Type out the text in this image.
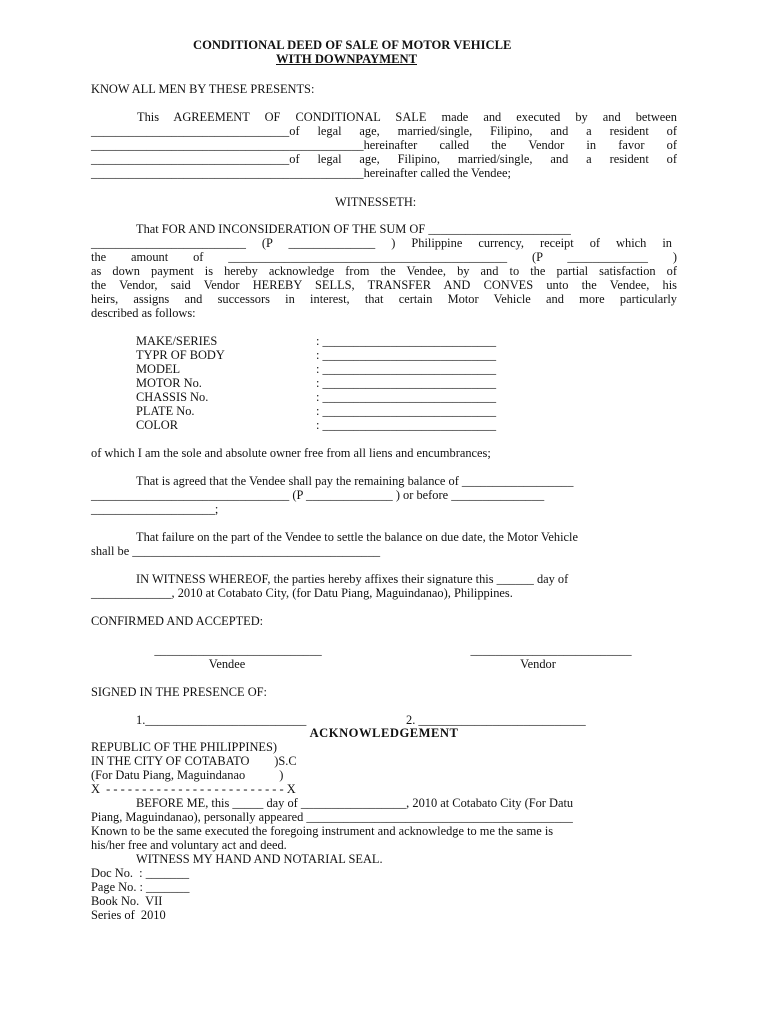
CONDITIONAL DEED OF SALE OF MOTOR VEHICLE
WITH DOWNPAYMENT
KNOW ALL MEN BY THESE PRESENTS:
This AGREEMENT OF CONDITIONAL SALE made and executed by and between
________________________________of legal age, married/single, Filipino, and a resident of
____________________________________________hereinafter called the Vendor in favor of
________________________________of legal age, Filipino, married/single, and a resident of
____________________________________________hereinafter called the Vendee;
WITNESSETH:
That FOR AND INCONSIDERATION OF THE SUM OF _______________________
_________________________ (P ______________ ) Philippine currency, receipt of which in
the amount of _____________________________________________ (P _____________ )
as down payment is hereby acknowledge from the Vendee, by and to the partial satisfaction of
the Vendor, said Vendor HEREBY SELLS, TRANSFER AND CONVES unto the Vendee, his
heirs, assigns and successors in interest, that certain Motor Vehicle and more particularly
described as follows:
MAKE/SERIES	: ____________________________
TYPR OF BODY	: ____________________________
MODEL	: ____________________________
MOTOR No.	: ____________________________
CHASSIS No.	: ____________________________
PLATE No.	: ____________________________
COLOR	: ____________________________
of which I am the sole and absolute owner free from all liens and encumbrances;
That is agreed that the Vendee shall pay the remaining balance of __________________
________________________________ (P ______________ ) or before _______________
____________________;
That failure on the part of the Vendee to settle the balance on due date, the Motor Vehicle
shall be ________________________________________
IN WITNESS WHEREOF, the parties hereby affixes their signature this ______ day of
_____________, 2010 at Cotabato City, (for Datu Piang, Maguindanao), Philippines.
CONFIRMED AND ACCEPTED:
___________________________
Vendee
__________________________
Vendor
SIGNED IN THE PRESENCE OF:
1.__________________________	2. ___________________________
ACKNOWLEDGEMENT
REPUBLIC OF THE PHILIPPINES)
IN THE CITY OF COTABATO        )S.C
(For Datu Piang, Maguindanao           )
X  - - - - - - - - - - - - - - - - - - - - - - - - - X
BEFORE ME, this _____ day of _________________, 2010 at Cotabato City (For Datu
Piang, Maguindanao), personally appeared ___________________________________________
Known to be the same executed the foregoing instrument and acknowledge to me the same is
his/her free and voluntary act and deed.
WITNESS MY HAND AND NOTARIAL SEAL.
Doc No.  : _______
Page No. : _______
Book No.  VII
Series of  2010
